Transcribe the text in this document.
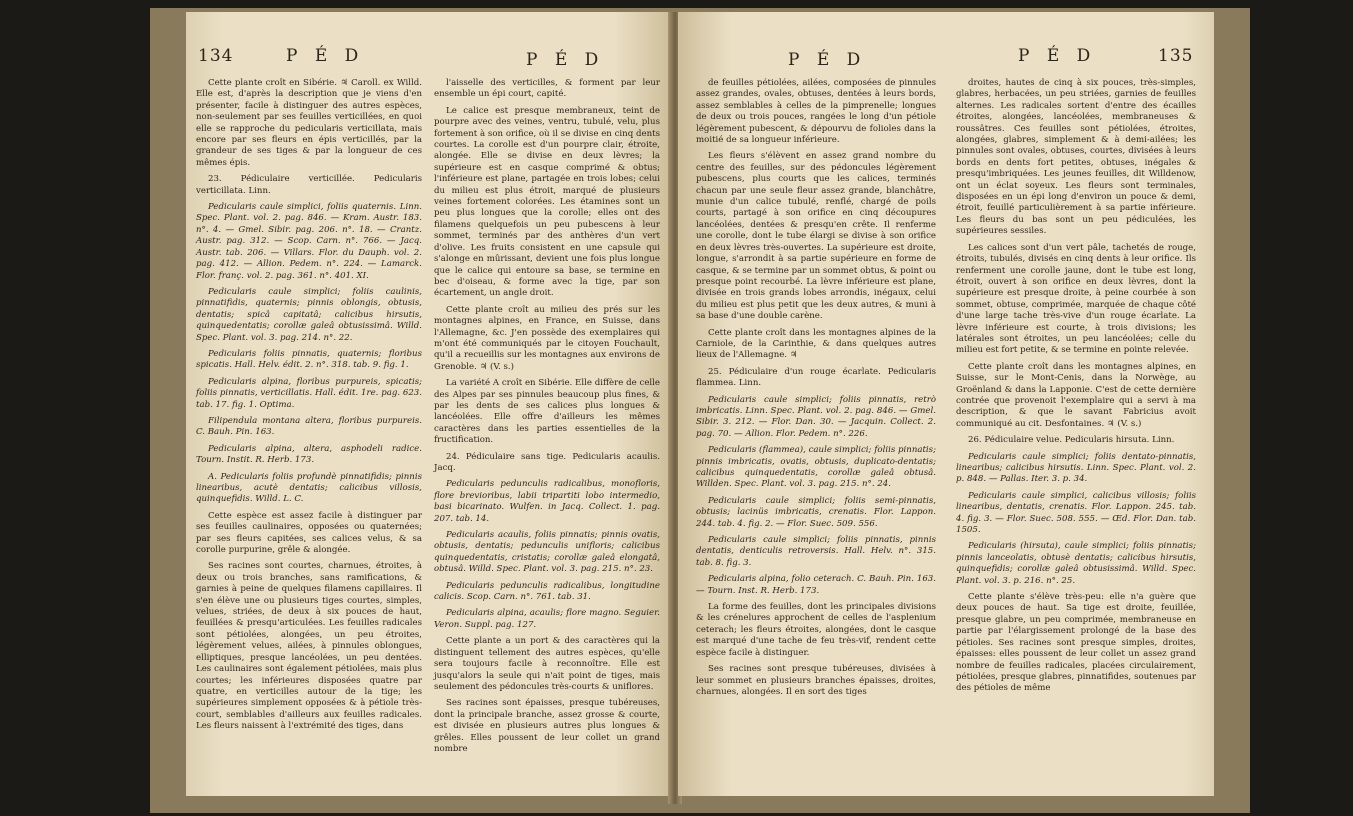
134	P É D	P É D

Cette plante croît en Sibérie. ♃ Caroll. ex Willd. Elle est, d'après la description que je viens d'en présenter, facile à distinguer des autres espèces, non-seulement par ses feuilles verticillées, en quoi elle se rapproche du pedicularis verticillata, mais encore par ses fleurs en épis verticillés, par la grandeur de ses tiges & par la longueur de ces mêmes épis.

23. Pédiculaire verticillée. Pedicularis verticillata. Linn.

Pedicularis caule simplici, foliis quaternis. Linn. Spec. Plant. vol. 2. pag. 846. — Kram. Austr. 183. n°. 4. — Gmel. Sibir. pag. 206. n°. 18. — Crantz. Austr. pag. 312. — Scop. Carn. n°. 766. — Jacq. Austr. tab. 206. — Villars. Flor. du Dauph. vol. 2. pag. 412. — Allion. Pedem. n°. 224. — Lamarck. Flor. franç. vol. 2. pag. 361. n°. 401. XI.

Pedicularis caule simplici; foliis caulinis, pinnatifidis, quaternis; pinnis oblongis, obtusis, dentatis; spicâ capitatâ; calicibus hirsutis, quinquedentatis; corollæ galeâ obtusissimâ. Willd. Spec. Plant. vol. 3. pag. 214. n°. 22.

Pedicularis foliis pinnatis, quaternis; floribus spicatis. Hall. Helv. édit. 2. n°. 318. tab. 9. fig. 1.

Pedicularis alpina, floribus purpureis, spicatis; foliis pinnatis, verticillatis. Hall. édit. 1re. pag. 623. tab. 17. fig. 1. Optima.

Filipendula montana altera, floribus purpureis. C. Bauh. Pin. 163.

Pedicularis alpina, altera, asphodeli radice. Tourn. Instit. R. Herb. 173.

A. Pedicularis foliis profundè pinnatifidis; pinnis linearibus, acutè dentatis; calicibus villosis, quinquefidis. Willd. L. C.

Cette espèce est assez facile à distinguer par ses feuilles caulinaires, opposées ou quaternées; par ses fleurs capitées, ses calices velus, & sa corolle purpurine, grêle & alongée.

Ses racines sont courtes, charnues, étroites, à deux ou trois branches, sans ramifications, & garnies à peine de quelques filamens capillaires. Il s'en élève une ou plusieurs tiges courtes, simples, velues, striées, de deux à six pouces de haut, feuillées & presqu'articulées. Les feuilles radicales sont pétiolées, alongées, un peu étroites, légèrement velues, ailées, à pinnules oblongues, elliptiques, presque lancéolées, un peu dentées. Les caulinaires sont également pétiolées, mais plus courtes; les inférieures disposées quatre par quatre, en verticilles autour de la tige; les supérieures simplement opposées & à pétiole très-court, semblables d'ailleurs aux feuilles radicales. Les fleurs naissent à l'extrémité des tiges, dans

l'aisselle des verticilles, & forment par leur ensemble un épi court, capité.

Le calice est presque membraneux, teint de pourpre avec des veines, ventru, tubulé, velu, plus fortement à son orifice, où il se divise en cinq dents courtes. La corolle est d'un pourpre clair, étroite, alongée. Elle se divise en deux lèvres; la supérieure est en casque comprimé & obtus; l'inférieure est plane, partagée en trois lobes; celui du milieu est plus étroit, marqué de plusieurs veines fortement colorées. Les étamines sont un peu plus longues que la corolle; elles ont des filamens quelquefois un peu pubescens à leur sommet, terminés par des anthères d'un vert d'olive. Les fruits consistent en une capsule qui s'alonge en mûrissant, devient une fois plus longue que le calice qui entoure sa base, se termine en bec d'oiseau, & forme avec la tige, par son écartement, un angle droit.

Cette plante croît au milieu des prés sur les montagnes alpines, en France, en Suisse, dans l'Allemagne, &c. J'en possède des exemplaires qui m'ont été communiqués par le citoyen Fouchault, qu'il a recueillis sur les montagnes aux environs de Grenoble. ♃ (V. s.)

La variété A croît en Sibérie. Elle diffère de celle des Alpes par ses pinnules beaucoup plus fines, & par les dents de ses calices plus longues & lancéolées. Elle offre d'ailleurs les mêmes caractères dans les parties essentielles de la fructification.

24. Pédiculaire sans tige. Pedicularis acaulis. Jacq.

Pedicularis pedunculis radicalibus, monofloris, flore brevioribus, labii tripartiti lobo intermedio, basi bicarinato. Wulfen. in Jacq. Collect. 1. pag. 207. tab. 14.

Pedicularis acaulis, foliis pinnatis; pinnis ovatis, obtusis, dentatis; pedunculis unifloris; calicibus quinquedentatis, cristatis; corollæ galeâ elongatâ, obtusâ. Willd. Spec. Plant. vol. 3. pag. 215. n°. 23.

Pedicularis pedunculis radicalibus, longitudine calicis. Scop. Carn. n°. 761. tab. 31.

Pedicularis alpina, acaulis; flore magno. Seguier. Veron. Suppl. pag. 127.

Cette plante a un port & des caractères qui la distinguent tellement des autres espèces, qu'elle sera toujours facile à reconnoître. Elle est jusqu'alors la seule qui n'ait point de tiges, mais seulement des pédoncules très-courts & uniflores.

Ses racines sont épaisses, presque tubéreuses, dont la principale branche, assez grosse & courte, est divisée en plusieurs autres plus longues & grêles. Elles poussent de leur collet un grand nombre

P É D	P É D	135

de feuilles pétiolées, ailées, composées de pinnules assez grandes, ovales, obtuses, dentées à leurs bords, assez semblables à celles de la pimprenelle; longues de deux ou trois pouces, rangées le long d'un pétiole légèrement pubescent, & dépourvu de folioles dans la moitié de sa longueur inférieure.

Les fleurs s'élèvent en assez grand nombre du centre des feuilles, sur des pédoncules légèrement pubescens, plus courts que les calices, terminés chacun par une seule fleur assez grande, blanchâtre, munie d'un calice tubulé, renflé, chargé de poils courts, partagé à son orifice en cinq découpures lancéolées, dentées & presqu'en crête. Il renferme une corolle, dont le tube élargi se divise à son orifice en deux lèvres très-ouvertes. La supérieure est droite, longue, s'arrondit à sa partie supérieure en forme de casque, & se termine par un sommet obtus, & point ou presque point recourbé. La lèvre inférieure est plane, divisée en trois grands lobes arrondis, inégaux, celui du milieu est plus petit que les deux autres, & muni à sa base d'une double carène.

Cette plante croît dans les montagnes alpines de la Carniole, de la Carinthie, & dans quelques autres lieux de l'Allemagne. ♃

25. Pédiculaire d'un rouge écarlate. Pedicularis flammea. Linn.

Pedicularis caule simplici; foliis pinnatis, retrò imbricatis. Linn. Spec. Plant. vol. 2. pag. 846. — Gmel. Sibir. 3. 212. — Flor. Dan. 30. — Jacquin. Collect. 2. pag. 70. — Allion. Flor. Pedem. n°. 226.

Pedicularis (flammea), caule simplici; foliis pinnatis; pinnis imbricatis, ovatis, obtusis, duplicato-dentatis; calicibus quinquedentatis, corollæ galeâ obtusâ. Willden. Spec. Plant. vol. 3. pag. 215. n°. 24.

Pedicularis caule simplici; foliis semi-pinnatis, obtusis; lacinüs imbricatis, crenatis. Flor. Lappon. 244. tab. 4. fig. 2. — Flor. Suec. 509. 556.

Pedicularis caule simplici; foliis pinnatis, pinnis dentatis, denticulis retroversis. Hall. Helv. n°. 315. tab. 8. fig. 3.

Pedicularis alpina, folio ceterach. C. Bauh. Pin. 163. — Tourn. Inst. R. Herb. 173.

La forme des feuilles, dont les principales divisions & les crénelures approchent de celles de l'asplenium ceterach; les fleurs étroites, alongées, dont le casque est marqué d'une tache de feu très-vif, rendent cette espèce facile à distinguer.

Ses racines sont presque tubéreuses, divisées à leur sommet en plusieurs branches épaisses, droites, charnues, alongées. Il en sort des tiges

droites, hautes de cinq à six pouces, très-simples, glabres, herbacées, un peu striées, garnies de feuilles alternes. Les radicales sortent d'entre des écailles étroites, alongées, lancéolées, membraneuses & roussâtres. Ces feuilles sont pétiolées, étroites, alongées, glabres, simplement & à demi-ailées; les pinnules sont ovales, obtuses, courtes, divisées à leurs bords en dents fort petites, obtuses, inégales & presqu'imbriquées. Les jeunes feuilles, dit Willdenow, ont un éclat soyeux. Les fleurs sont terminales, disposées en un épi long d'environ un pouce & demi, étroit, feuillé particulièrement à sa partie inférieure. Les fleurs du bas sont un peu pédiculées, les supérieures sessiles.

Les calices sont d'un vert pâle, tachetés de rouge, étroits, tubulés, divisés en cinq dents à leur orifice. Ils renferment une corolle jaune, dont le tube est long, étroit, ouvert à son orifice en deux lèvres, dont la supérieure est presque droite, à peine courbée à son sommet, obtuse, comprimée, marquée de chaque côté d'une large tache très-vive d'un rouge écarlate. La lèvre inférieure est courte, à trois divisions; les latérales sont étroites, un peu lancéolées; celle du milieu est fort petite, & se termine en pointe relevée.

Cette plante croît dans les montagnes alpines, en Suisse, sur le Mont-Cenis, dans la Norwège, au Groënland & dans la Lapponie. C'est de cette dernière contrée que provenoit l'exemplaire qui a servi à ma description, & que le savant Fabricius avoit communiqué au cit. Desfontaines. ♃ (V. s.)

26. Pédiculaire velue. Pedicularis hirsuta. Linn.

Pedicularis caule simplici; foliis dentato-pinnatis, linearibus; calicibus hirsutis. Linn. Spec. Plant. vol. 2. p. 848. — Pallas. Iter. 3. p. 34.

Pedicularis caule simplici, calicibus villosis; foliis linearibus, dentatis, crenatis. Flor. Lappon. 245. tab. 4. fig. 3. — Flor. Suec. 508. 555. — Œd. Flor. Dan. tab. 1505.

Pedicularis (hirsuta), caule simplici; foliis pinnatis; pinnis lanceolatis, obtusè dentatis; calicibus hirsutis, quinquefidis; corollæ galeâ obtusissimâ. Willd. Spec. Plant. vol. 3. p. 216. n°. 25.

Cette plante s'élève très-peu: elle n'a guère que deux pouces de haut. Sa tige est droite, feuillée, presque glabre, un peu comprimée, membraneuse en partie par l'élargissement prolongé de la base des pétioles. Ses racines sont presque simples, droites, épaisses: elles poussent de leur collet un assez grand nombre de feuilles radicales, placées circulairement, pétiolées, presque glabres, pinnatifides, soutenues par des pétioles de même
